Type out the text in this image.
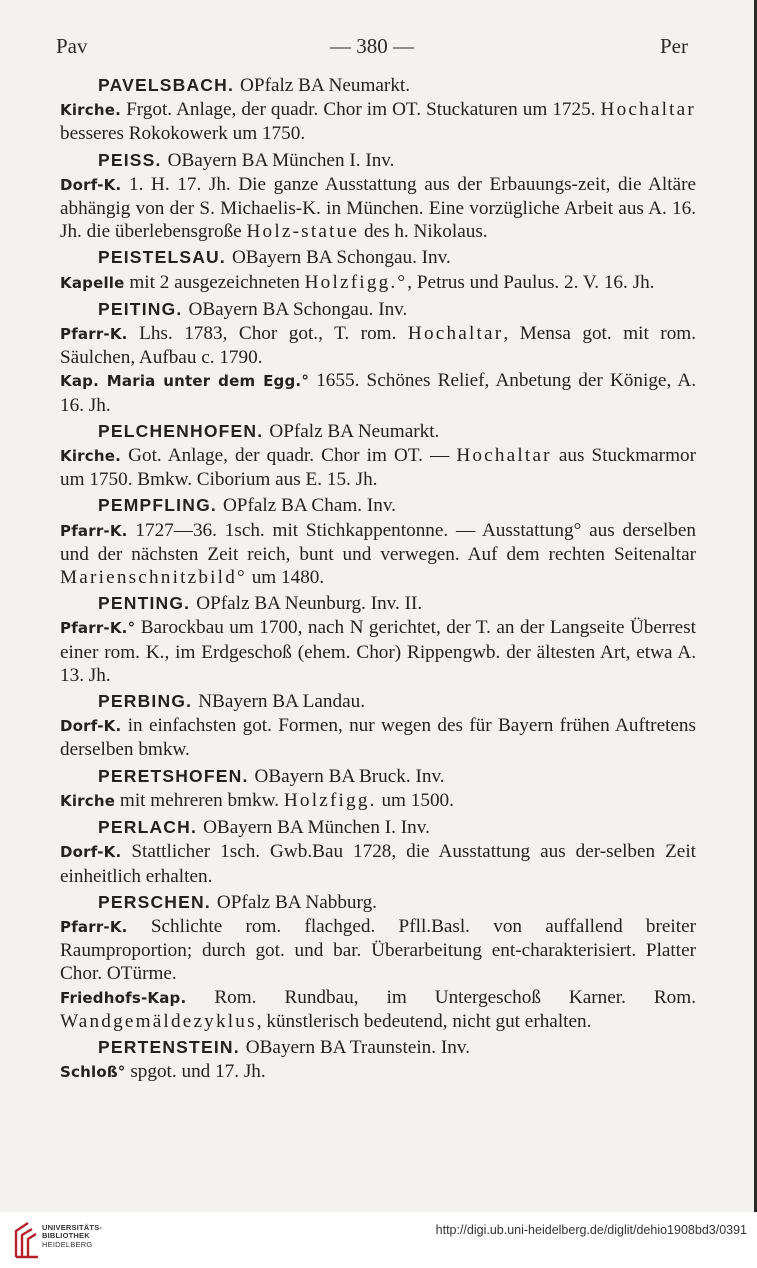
Pav	— 380 —	Per
PAVELSBACH. OPfalz BA Neumarkt.
Kirche. Frgot. Anlage, der quadr. Chor im OT. Stuckaturen um 1725. Hochaltar besseres Rokokowerk um 1750.
PEISS. OBayern BA München I. Inv.
Dorf-K. 1. H. 17. Jh. Die ganze Ausstattung aus der Erbauungs-zeit, die Altäre abhängig von der S. Michaelis-K. in München. Eine vorzügliche Arbeit aus A. 16. Jh. die überlebensgroße Holz-statue des h. Nikolaus.
PEISTELSAU. OBayern BA Schongau. Inv.
Kapelle mit 2 ausgezeichneten Holzfigg.°, Petrus und Paulus. 2. V. 16. Jh.
PEITING. OBayern BA Schongau. Inv.
Pfarr-K. Lhs. 1783, Chor got., T. rom. Hochaltar, Mensa got. mit rom. Säulchen, Aufbau c. 1790.
Kap. Maria unter dem Egg.° 1655. Schönes Relief, Anbetung der Könige, A. 16. Jh.
PELCHENHOFEN. OPfalz BA Neumarkt.
Kirche. Got. Anlage, der quadr. Chor im OT. — Hochaltar aus Stuckmarmor um 1750. Bmkw. Ciborium aus E. 15. Jh.
PEMPFLING. OPfalz BA Cham. Inv.
Pfarr-K. 1727—36. 1sch. mit Stichkappentonne. — Ausstattung° aus derselben und der nächsten Zeit reich, bunt und verwegen. Auf dem rechten Seitenaltar Marienschnitzbild° um 1480.
PENTING. OPfalz BA Neunburg. Inv. II.
Pfarr-K.° Barockbau um 1700, nach N gerichtet, der T. an der Langseite Überrest einer rom. K., im Erdgeschoß (ehem. Chor) Rippengwb. der ältesten Art, etwa A. 13. Jh.
PERBING. NBayern BA Landau.
Dorf-K. in einfachsten got. Formen, nur wegen des für Bayern frühen Auftretens derselben bmkw.
PERETSHOFEN. OBayern BA Bruck. Inv.
Kirche mit mehreren bmkw. Holzfigg. um 1500.
PERLACH. OBayern BA München I. Inv.
Dorf-K. Stattlicher 1sch. Gwb.Bau 1728, die Ausstattung aus der-selben Zeit einheitlich erhalten.
PERSCHEN. OPfalz BA Nabburg.
Pfarr-K. Schlichte rom. flachged. Pfll.Basl. von auffallend breiter Raumproportion; durch got. und bar. Überarbeitung ent-charakterisiert. Platter Chor. OTürme.
Friedhofs-Kap. Rom. Rundbau, im Untergeschoß Karner. Rom. Wandgemäldezyklus, künstlerisch bedeutend, nicht gut erhalten.
PERTENSTEIN. OBayern BA Traunstein. Inv.
Schloß° spgot. und 17. Jh.
UNIVERSITÄTS-
BIBLIOTHEK
HEIDELBERG
http://digi.ub.uni-heidelberg.de/diglit/dehio1908bd3/0391
